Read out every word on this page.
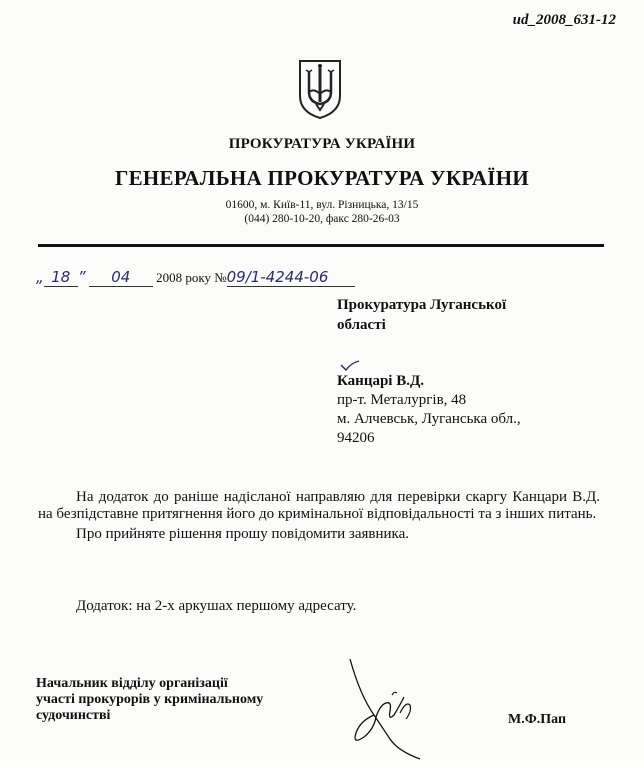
ud_2008_631-12
ПРОКУРАТУРА УКРАЇНИ
ГЕНЕРАЛЬНА ПРОКУРАТУРА УКРАЇНИ
01600, м. Київ-11, вул. Різницька, 13/15
(044) 280-10-20, факс 280-26-03
„ 18 ” 04 2008 року №09/1-4244-06
Прокуратура Луганської
області
Канцарі В.Д.
пр-т. Металургів, 48
м. Алчевськ, Луганська обл.,
94206

На додаток до раніше надісланої направляю для перевірки скаргу Канцари В.Д. на безпідставне притягнення його до кримінальної відповідальності та з інших питань.

Про прийняте рішення прошу повідомити заявника.

Додаток: на 2-х аркушах першому адресату.
Начальник відділу організації
участі прокурорів у кримінальному
судочинстві	М.Ф.Пап
